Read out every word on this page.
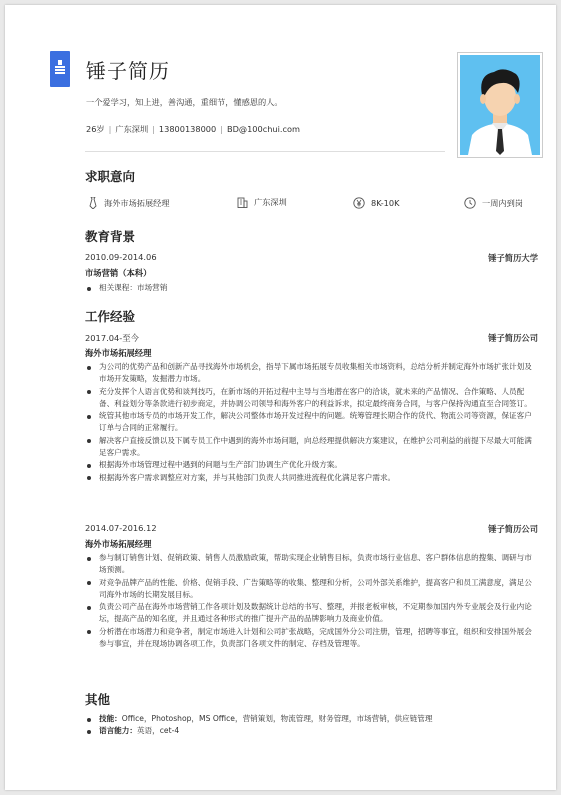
锤子简历
一个爱学习，知上进，善沟通，重细节，懂感恩的人。
26岁 | 广东深圳 | 13800138000 | BD@100chui.com
求职意向
海外市场拓展经理	广东深圳	8K-10K	一周内到岗
教育背景
2010.09-2014.06	锤子简历大学
市场营销（本科）
相关课程：市场营销
工作经验
2017.04-至今	锤子简历公司
海外市场拓展经理
为公司的优势产品和创新产品寻找海外市场机会，指导下属市场拓展专员收集相关市场资料，总结分析并制定海外市场扩张计划及市场开发策略，发掘潜力市场。
充分发挥个人语言优势和谈判技巧，在新市场的开拓过程中主导与当地潜在客户的洽谈，就未来的产品情况、合作策略、人员配备、利益划分等条款进行初步商定，并协调公司领导和海外客户的利益诉求，拟定最终商务合同，与客户保持沟通直至合同签订。
统管其他市场专员的市场开发工作，解决公司整体市场开发过程中的问题。统筹管理长期合作的货代、物流公司等资源，保证客户订单与合同的正常履行。
解决客户直接反馈以及下属专员工作中遇到的海外市场问题，向总经理提供解决方案建议，在维护公司利益的前提下尽最大可能满足客户需求。
根据海外市场管理过程中遇到的问题与生产部门协调生产优化升级方案。
根据海外客户需求调整应对方案，并与其他部门负责人共同推进流程优化满足客户需求。
2014.07-2016.12	锤子简历公司
海外市场拓展经理
参与制订销售计划、促销政策、销售人员激励政策，帮助实现企业销售目标，负责市场行业信息、客户群体信息的搜集、调研与市场预测。
对竞争品牌产品的性能、价格、促销手段、广告策略等的收集、整理和分析，公司外部关系维护，提高客户和员工满意度，满足公司海外市场的长期发展目标。
负责公司产品在海外市场营销工作各项计划及数据统计总结的书写、整理，并报老板审核，不定期参加国内外专业展会及行业内论坛，提高产品的知名度，并且通过各种形式的推广提升产品的品牌影响力及商业价值。
分析潜在市场潜力和竞争者，制定市场进入计划和公司扩张战略，完成国外分公司注册，管理，招聘等事宜，组织和安排国外展会参与事宜，并在现场协调各项工作，负责部门各项文件的制定、存档及管理等。
其他
技能：Office，Photoshop，MS Office，营销策划，物流管理，财务管理，市场营销，供应链管理
语言能力：英语，cet-4
